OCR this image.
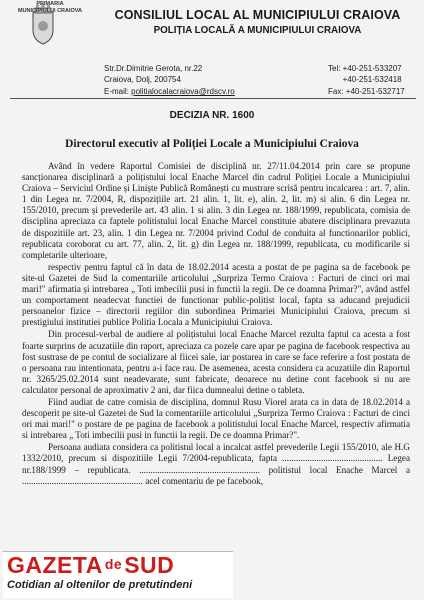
PRIMARIA
MUNICIPIULUI CRAIOVA	CONSILIUL LOCAL AL MUNICIPIULUI CRAIOVA
POLIȚIA LOCALĂ A MUNICIPIULUI CRAIOVA
Str.Dr.Dimitrie Gerota, nr.22
Craiova, Dolj, 200754
E-mail: politialocalacraiova@rdscv.ro
Tel: +40-251-533207
+40-251-532418
Fax: +40-251-532717
DECIZIA NR. 1600
Directorul executiv al Poliției Locale a Municipiului Craiova

Având în vedere Raportul Comisiei de disciplină nr. 27/11.04.2014 prin care se propune sancționarea disciplinară a polițistului local Enache Marcel din cadrul Poliției Locale a Municipiului Craiova – Serviciul Ordine și Liniște Publică Românești cu mustrare scrisă pentru incalcarea : art. 7, alin. 1 din Legea nr. 7/2004, R, dispozițiile art. 21 alin. 1, lit. e), alin. 2, lit. m) si alin. 6 din Legea nr. 155/2010, precum și prevederile art. 43 alin. 1 si alin. 3 din Legea nr. 188/1999, republicata, comisia de disciplina apreciaza ca faptele politistului local Enache Marcel constituie abatere disciplinara prevazuta de dispozitiile art. 23, alin. 1 din Legea nr. 7/2004 privind Codul de conduita al functionarilor publici, republicata coroborat cu art. 77, alin. 2, lit. g) din Legea nr. 188/1999, republicata, cu modificarile si completarile ulterioare,

respectiv pentru faptul că în data de 18.02.2014 acesta a postat de pe pagina sa de facebook pe site-ul Gazetei de Sud la comentariile articolului „Surpriza Termo Craiova : Facturi de cinci ori mai mari!" afirmatia și intrebarea „ Toti imbecilii pusi in functii la regii. De ce doamna Primar?", având astfel un comportament neadecvat functiei de functionar public-politist local, fapta sa aducand prejudicii persoanelor fizice – directorii regiilor din subordinea Primariei Municipiului Craiova, precum si prestigiului institutiei publice Politia Locala a Municipiului Craiova.

Din procesul-verbal de audiere al polițistului local Enache Marcel rezulta faptul ca acesta a fost foarte surprins de acuzatiile din raport, apreciaza ca pozele care apar pe pagina de facebook respectiva au fost sustrase de pe contul de socializare al fiicei sale, iar postarea in care se face referire a fost postata de o persoana rau intentionata, pentru a-i face rau. De asemenea, acesta considera ca acuzatiile din Raportul nr. 3265/25.02.2014 sunt neadevarate, sunt fabricate, deoarece nu detine cont facebook si nu are calculator personal de aproximativ 2 ani, dar fiica dumnealui detine o tableta.

Fiind audiat de catre comisia de disciplina, domnul Rusu Viorel arata ca in data de 18.02.2014 a descoperit pe site-ul Gazetei de Sud la comentariile articolului „Surpriza Termo Craiova : Facturi de cinci ori mai mari!" o postare de pe pagina de facebook a politistului local Enache Marcel, respectiv afirmatia si intrebarea „ Toti imbecilii pusi in functii la regii. De ce doamna Primar?".

Persoana audiata considera ca politistul local a incalcat astfel prevederile Legii 155/2010, ale H.G 1332/2010, precum si dispozitiile Legii 7/2004-republicata, fapta ............................................ Legea nr.188/1999 – republicata. ..................................................... politistul local Enache Marcel a ..................................................... acel comentariu de pe facebook,

GAZETA deSUD
Cotidian al oltenilor de pretutindeni
